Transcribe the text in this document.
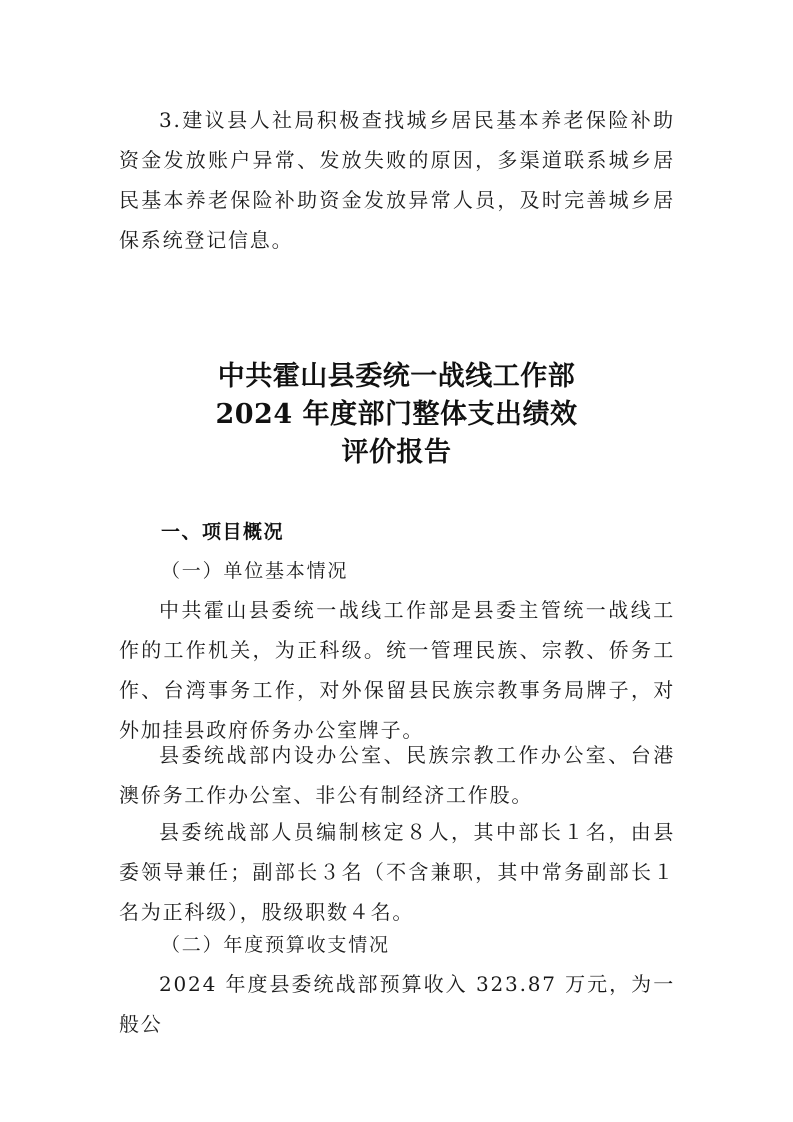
3.建议县人社局积极查找城乡居民基本养老保险补助资金发放账户异常、发放失败的原因，多渠道联系城乡居民基本养老保险补助资金发放异常人员，及时完善城乡居保系统登记信息。
中共霍山县委统一战线工作部
2024 年度部门整体支出绩效
评价报告
一、项目概况
（一）单位基本情况
中共霍山县委统一战线工作部是县委主管统一战线工作的工作机关，为正科级。统一管理民族、宗教、侨务工作、台湾事务工作，对外保留县民族宗教事务局牌子，对外加挂县政府侨务办公室牌子。
县委统战部内设办公室、民族宗教工作办公室、台港澳侨务工作办公室、非公有制经济工作股。
县委统战部人员编制核定８人，其中部长１名，由县委领导兼任；副部长３名（不含兼职，其中常务副部长１名为正科级），股级职数４名。
（二）年度预算收支情况
2024 年度县委统战部预算收入 323.87 万元，为一般公
